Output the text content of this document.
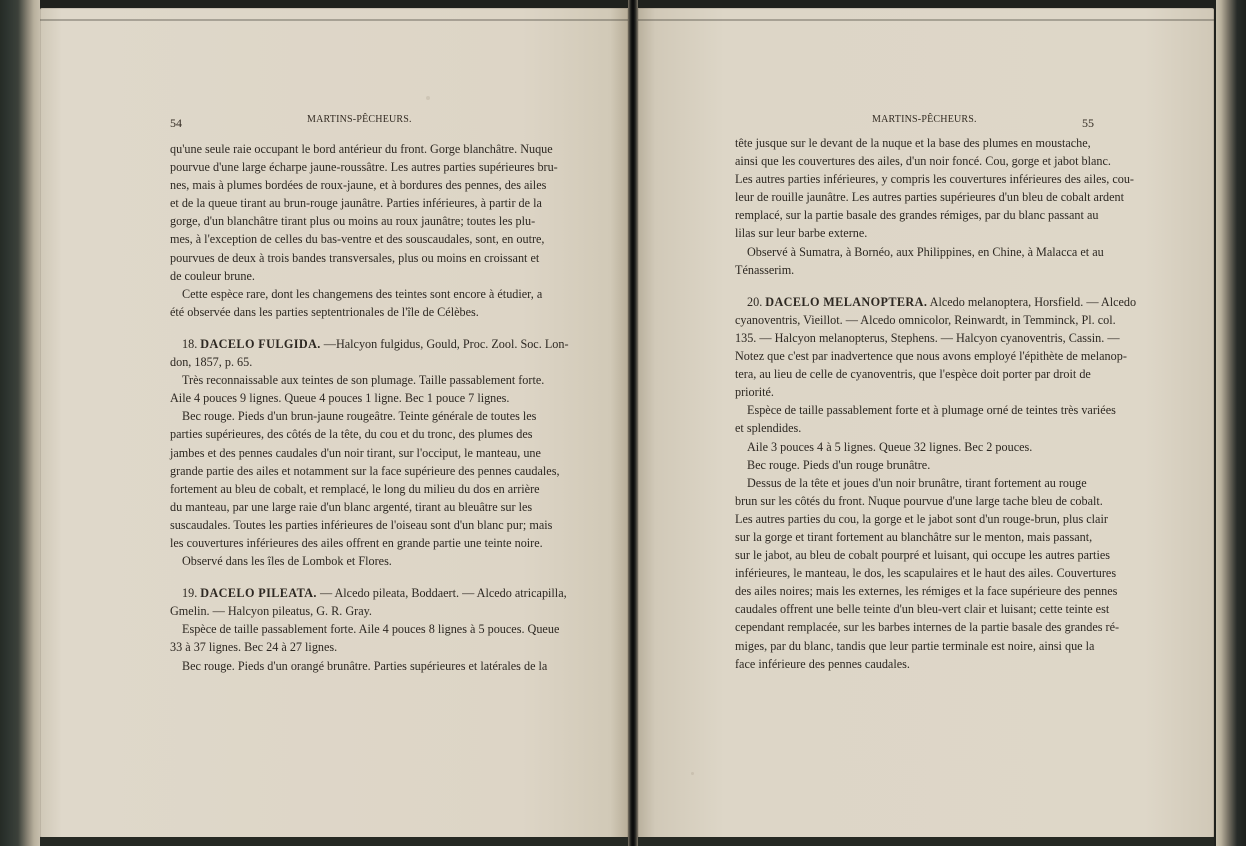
54	MARTINS-PÊCHEURS.
qu'une seule raie occupant le bord antérieur du front. Gorge blanchâtre. Nuque
pourvue d'une large écharpe jaune-roussâtre. Les autres parties supérieures bru-
nes, mais à plumes bordées de roux-jaune, et à bordures des pennes, des ailes
et de la queue tirant au brun-rouge jaunâtre. Parties inférieures, à partir de la
gorge, d'un blanchâtre tirant plus ou moins au roux jaunâtre; toutes les plu-
mes, à l'exception de celles du bas-ventre et des souscaudales, sont, en outre,
pourvues de deux à trois bandes transversales, plus ou moins en croissant et
de couleur brune.
Cette espèce rare, dont les changemens des teintes sont encore à étudier, a
été observée dans les parties septentrionales de l'île de Célèbes.
18. DACELO FULGIDA. —Halcyon fulgidus, Gould, Proc. Zool. Soc. Lon-
don, 1857, p. 65.
Très reconnaissable aux teintes de son plumage. Taille passablement forte.
Aile 4 pouces 9 lignes. Queue 4 pouces 1 ligne. Bec 1 pouce 7 lignes.
Bec rouge. Pieds d'un brun-jaune rougeâtre. Teinte générale de toutes les
parties supérieures, des côtés de la tête, du cou et du tronc, des plumes des
jambes et des pennes caudales d'un noir tirant, sur l'occiput, le manteau, une
grande partie des ailes et notamment sur la face supérieure des pennes caudales,
fortement au bleu de cobalt, et remplacé, le long du milieu du dos en arrière
du manteau, par une large raie d'un blanc argenté, tirant au bleuâtre sur les
suscaudales. Toutes les parties inférieures de l'oiseau sont d'un blanc pur; mais
les couvertures inférieures des ailes offrent en grande partie une teinte noire.
Observé dans les îles de Lombok et Flores.
19. DACELO PILEATA. — Alcedo pileata, Boddaert. — Alcedo atricapilla,
Gmelin. — Halcyon pileatus, G. R. Gray.
Espèce de taille passablement forte. Aile 4 pouces 8 lignes à 5 pouces. Queue
33 à 37 lignes. Bec 24 à 27 lignes.
Bec rouge. Pieds d'un orangé brunâtre. Parties supérieures et latérales de la
MARTINS-PÊCHEURS.	55
tête jusque sur le devant de la nuque et la base des plumes en moustache,
ainsi que les couvertures des ailes, d'un noir foncé. Cou, gorge et jabot blanc.
Les autres parties inférieures, y compris les couvertures inférieures des ailes, cou-
leur de rouille jaunâtre. Les autres parties supérieures d'un bleu de cobalt ardent
remplacé, sur la partie basale des grandes rémiges, par du blanc passant au
lilas sur leur barbe externe.
Observé à Sumatra, à Bornéo, aux Philippines, en Chine, à Malacca et au
Ténasserim.
20. DACELO MELANOPTERA. Alcedo melanoptera, Horsfield. — Alcedo
cyanoventris, Vieillot. — Alcedo omnicolor, Reinwardt, in Temminck, Pl. col.
135. — Halcyon melanopterus, Stephens. — Halcyon cyanoventris, Cassin. —
Notez que c'est par inadvertence que nous avons employé l'épithète de melanop-
tera, au lieu de celle de cyanoventris, que l'espèce doit porter par droit de
priorité.
Espèce de taille passablement forte et à plumage orné de teintes très variées
et splendides.
Aile 3 pouces 4 à 5 lignes. Queue 32 lignes. Bec 2 pouces.
Bec rouge. Pieds d'un rouge brunâtre.
Dessus de la tête et joues d'un noir brunâtre, tirant fortement au rouge
brun sur les côtés du front. Nuque pourvue d'une large tache bleu de cobalt.
Les autres parties du cou, la gorge et le jabot sont d'un rouge-brun, plus clair
sur la gorge et tirant fortement au blanchâtre sur le menton, mais passant,
sur le jabot, au bleu de cobalt pourpré et luisant, qui occupe les autres parties
inférieures, le manteau, le dos, les scapulaires et le haut des ailes. Couvertures
des ailes noires; mais les externes, les rémiges et la face supérieure des pennes
caudales offrent une belle teinte d'un bleu-vert clair et luisant; cette teinte est
cependant remplacée, sur les barbes internes de la partie basale des grandes ré-
miges, par du blanc, tandis que leur partie terminale est noire, ainsi que la
face inférieure des pennes caudales.
